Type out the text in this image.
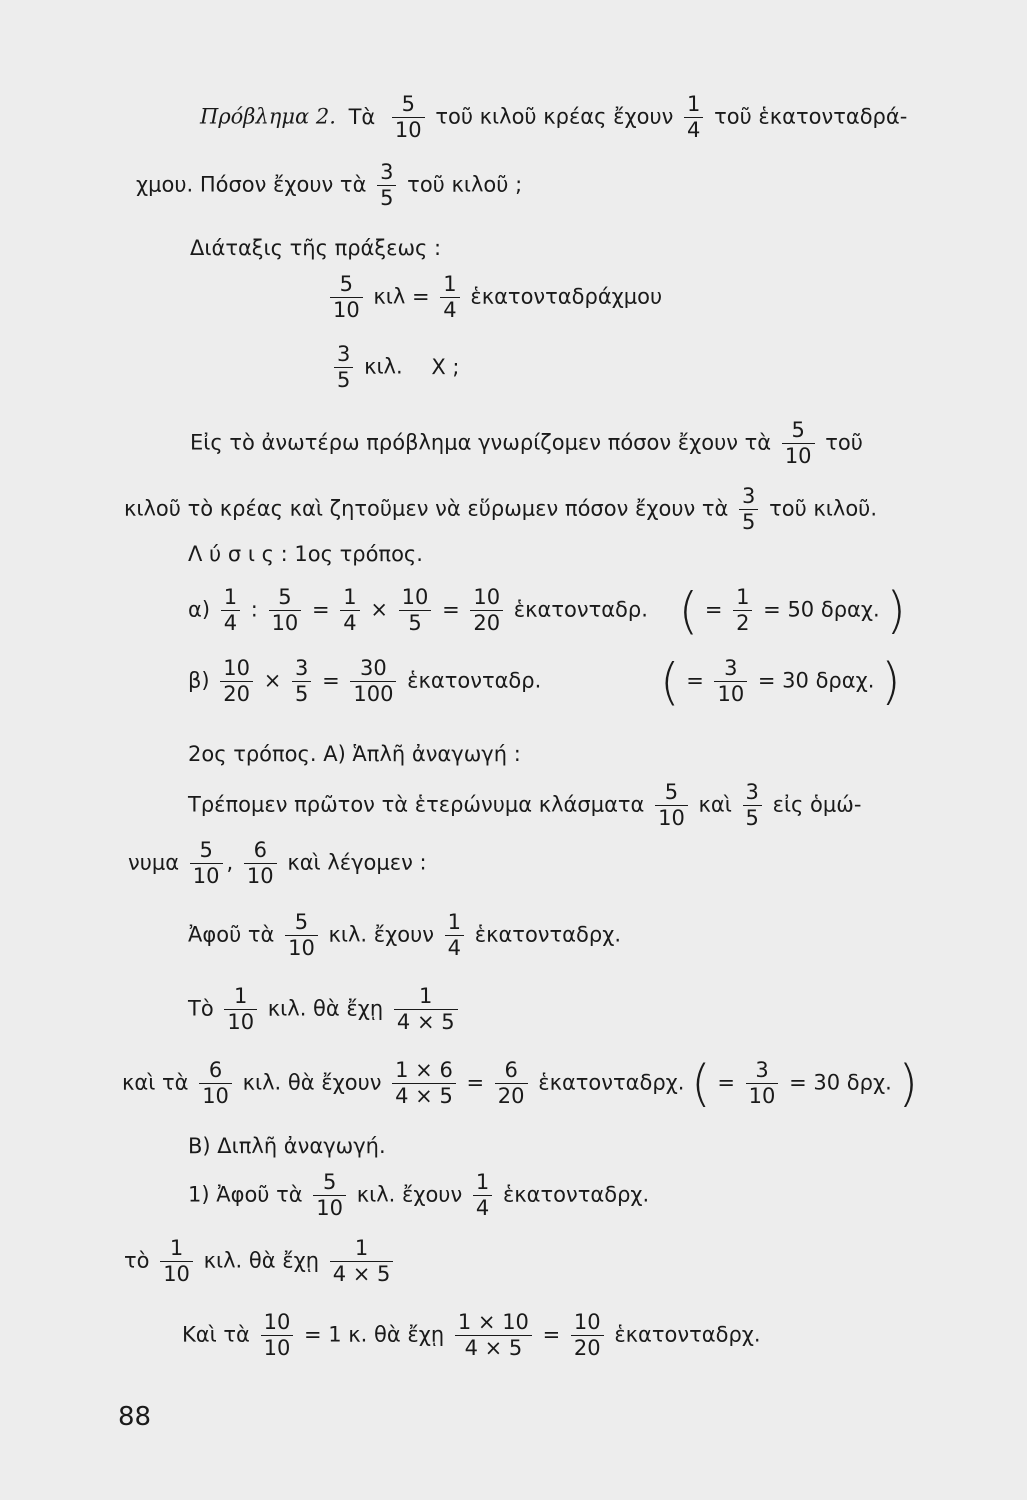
Πρόβλημα 2. Τὰ $\frac{5}{10}$ τοῦ κιλοῦ κρέας ἔχουν $\frac{1}{4}$ τοῦ ἑκατονταδρά-
χμου. Πόσον ἔχουν τὰ $\frac{3}{5}$ τοῦ κιλοῦ ;
Διάταξις τῆς πράξεως :
$\frac{5}{10}$ $\kappa\iota\lambda = \frac{1}{4}$ ἑκατονταδράχμου
$\frac{3}{5} \kappa\iota\lambda$. Χ ;
Εἰς τὸ ἀνωτέρω πρόβλημα γνωρίζομεν πόσον ἔχουν τὰ $\frac{5}{10}$ τοῦ
κιλοῦ τὸ κρέας καὶ ζητοῦμεν νὰ εὕρωμεν πόσον ἔχουν τὰ $\frac{3}{5}$ τοῦ κιλοῦ.
Λ ύ σ ι ς : 1ος τρόπος.
$\alpha) \frac{1}{4}$ : $\frac{5}{10} = \frac{1}{4} \times \frac{10}{5} = \frac{10}{20}$ ἑκατονταδρ. ( = $\frac{1}{2} = 50$ δραχ. )
$\beta) \frac{10}{20} \times \frac{3}{5} = \frac{30}{100}$ ἑκατονταδρ. ( = $\frac{3}{10} = 30$ δραχ. )
2ος τρόπος. Α) Ἁπλῆ ἀναγωγή :
Τρέπομεν πρῶτον τὰ ἑτερώνυμα κλάσματα $\frac{5}{10}$ καὶ $\frac{3}{5}$ εἰς ὁμώ-
νυμα $\frac{5}{10}$ , $\frac{6}{10}$ καὶ λέγομεν :
Ἀφοῦ τὰ $\frac{5}{10} \kappa\iota\lambda$. ἔχουν $\frac{1}{4}$ ἑκατονταδρχ.
Τὸ $\frac{1}{10} \kappa\iota\lambda$. θὰ ἔχῃ $\frac{1}{4 \times 5}$
καὶ τὰ $\frac{6}{10} \kappa\iota\lambda$. θὰ ἔχουν $\frac{1 \times 6}{4 \times 5} = \frac{6}{20}$ ἑκατονταδρχ. ( = $\frac{3}{10} = 30$ δρχ. )
Β) Διπλῆ ἀναγωγή.
1) Ἀφοῦ τὰ $\frac{5}{10} \kappa\iota\lambda$. ἔχουν $\frac{1}{4}$ ἑκατονταδρχ.
τὸ $\frac{1}{10} \kappa\iota\lambda$. θὰ ἔχῃ $\frac{1}{4 \times 5}$
Καὶ τὰ $\frac{10}{10} = 1$ κ. θὰ ἔχῃ $\frac{1 \times 10}{4 \times 5} = \frac{10}{20}$ ἑκατονταδρχ.
88
